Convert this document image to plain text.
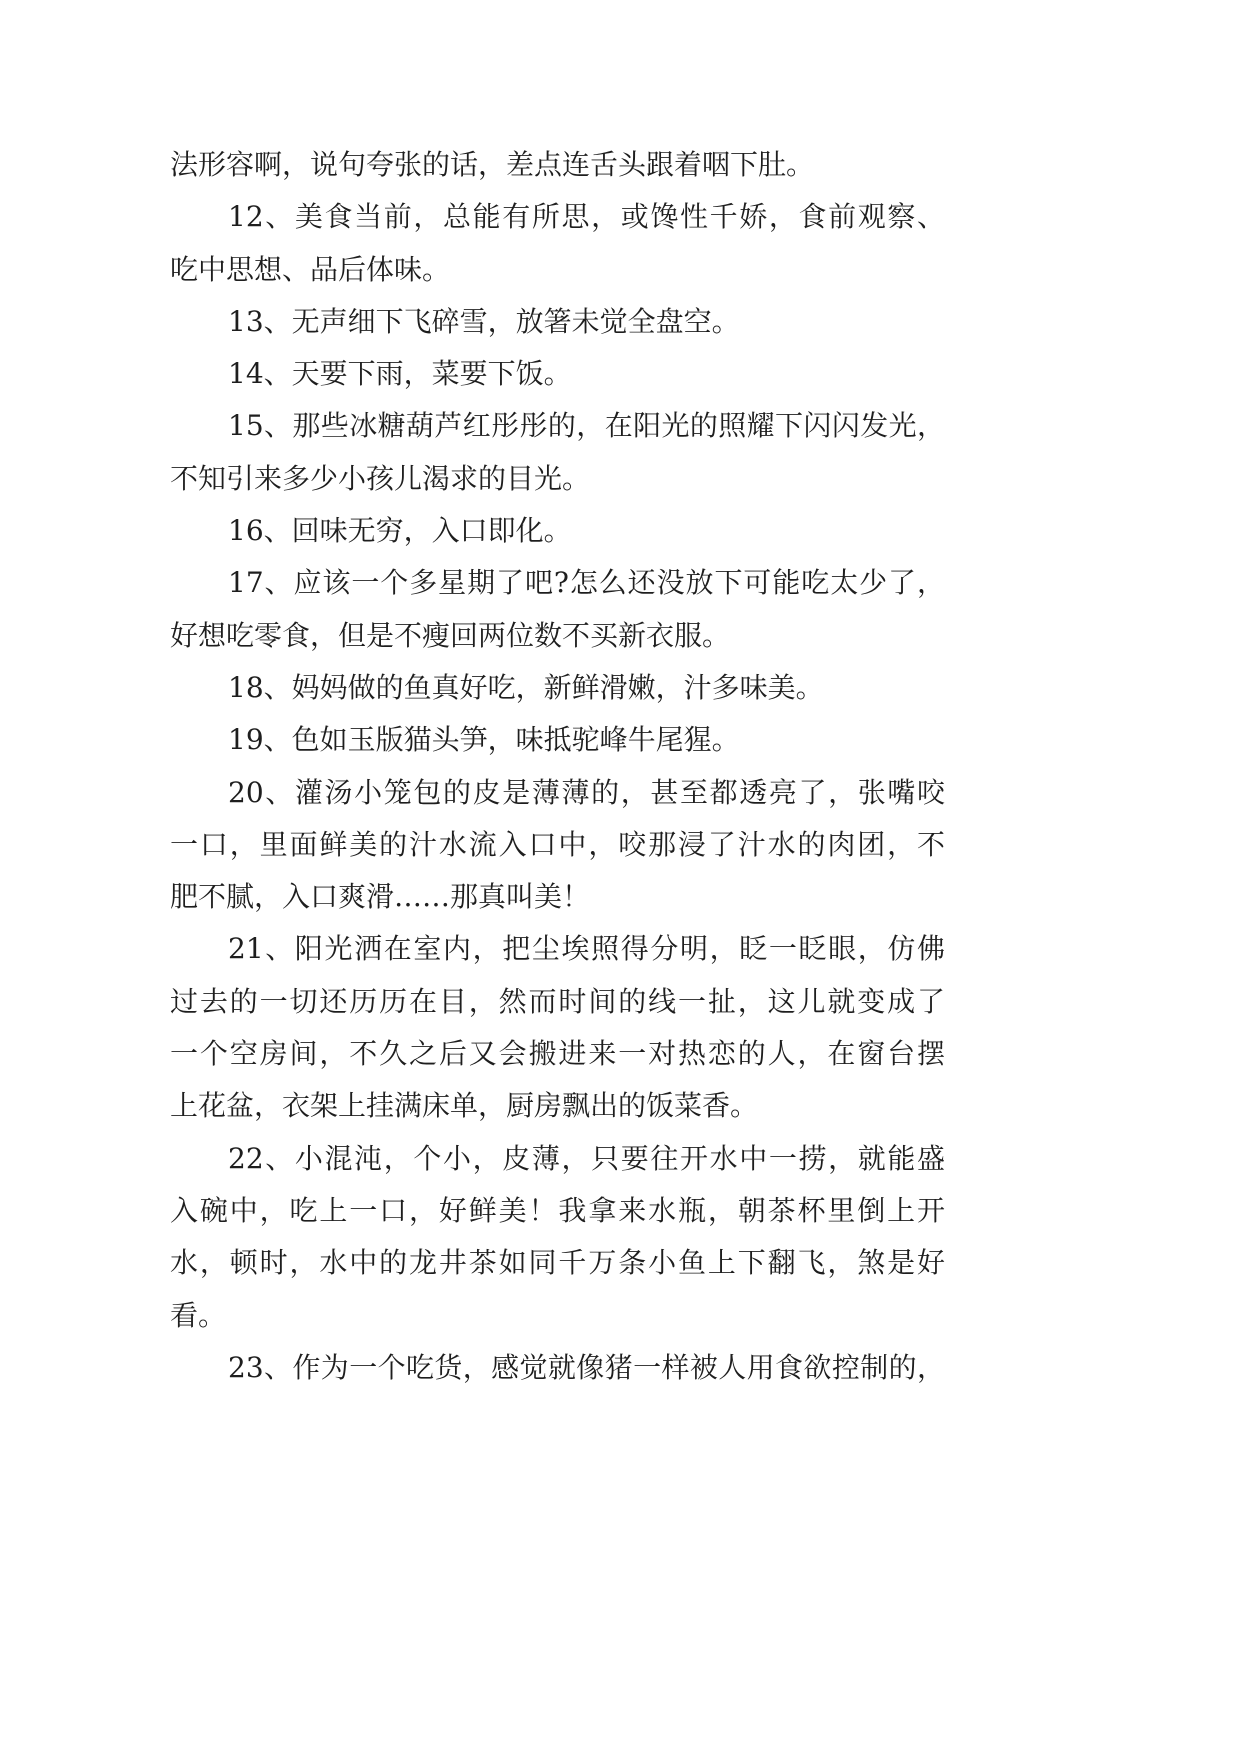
法形容啊，说句夸张的话，差点连舌头跟着咽下肚。
12、美食当前，总能有所思，或馋性千娇，食前观察、
吃中思想、品后体味。
13、无声细下飞碎雪，放箸未觉全盘空。
14、天要下雨，菜要下饭。
15、那些冰糖葫芦红彤彤的，在阳光的照耀下闪闪发光，
不知引来多少小孩儿渴求的目光。
16、回味无穷，入口即化。
17、应该一个多星期了吧?怎么还没放下可能吃太少了，
好想吃零食，但是不瘦回两位数不买新衣服。
18、妈妈做的鱼真好吃，新鲜滑嫩，汁多味美。
19、色如玉版猫头笋，味抵驼峰牛尾猩。
20、灌汤小笼包的皮是薄薄的，甚至都透亮了，张嘴咬
一口，里面鲜美的汁水流入口中，咬那浸了汁水的肉团，不
肥不腻，入口爽滑……那真叫美！
21、阳光洒在室内，把尘埃照得分明，眨一眨眼，仿佛
过去的一切还历历在目，然而时间的线一扯，这儿就变成了
一个空房间，不久之后又会搬进来一对热恋的人，在窗台摆
上花盆，衣架上挂满床单，厨房飘出的饭菜香。
22、小混沌，个小，皮薄，只要往开水中一捞，就能盛
入碗中，吃上一口，好鲜美！我拿来水瓶，朝茶杯里倒上开
水，顿时，水中的龙井茶如同千万条小鱼上下翻飞，煞是好
看。
23、作为一个吃货，感觉就像猪一样被人用食欲控制的，
